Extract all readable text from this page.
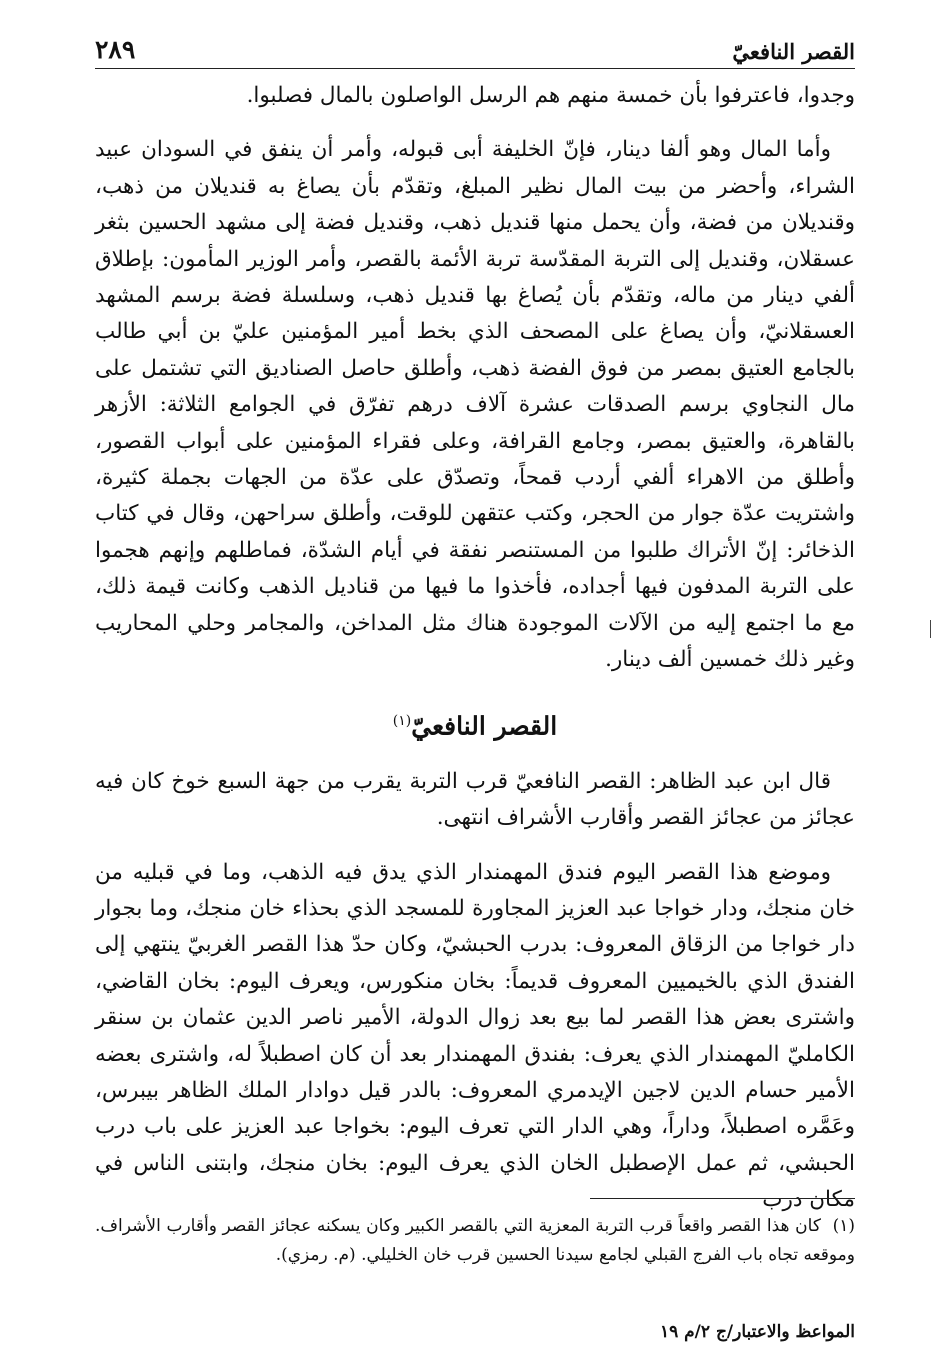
القصر النافعيّ
٢٨٩

وجدوا، فاعترفوا بأن خمسة منهم هم الرسل الواصلون بالمال فصلبوا.

وأما المال وهو ألفا دينار، فإنّ الخليفة أبى قبوله، وأمر أن ينفق في السودان عبيد الشراء، وأحضر من بيت المال نظير المبلغ، وتقدّم بأن يصاغ به قنديلان من ذهب، وقنديلان من فضة، وأن يحمل منها قنديل ذهب، وقنديل فضة إلى مشهد الحسين بثغر عسقلان، وقنديل إلى التربة المقدّسة تربة الأئمة بالقصر، وأمر الوزير المأمون: بإطلاق ألفي دينار من ماله، وتقدّم بأن يُصاغ بها قنديل ذهب، وسلسلة فضة برسم المشهد العسقلانيّ، وأن يصاغ على المصحف الذي بخط أمير المؤمنين عليّ بن أبي طالب بالجامع العتيق بمصر من فوق الفضة ذهب، وأطلق حاصل الصناديق التي تشتمل على مال النجاوي برسم الصدقات عشرة آلاف درهم تفرّق في الجوامع الثلاثة: الأزهر بالقاهرة، والعتيق بمصر، وجامع القرافة، وعلى فقراء المؤمنين على أبواب القصور، وأطلق من الاهراء ألفي أردب قمحاً، وتصدّق على عدّة من الجهات بجملة كثيرة، واشتريت عدّة جوار من الحجر، وكتب عتقهن للوقت، وأطلق سراحهن، وقال في كتاب الذخائر: إنّ الأتراك طلبوا من المستنصر نفقة في أيام الشدّة، فماطلهم وإنهم هجموا على التربة المدفون فيها أجداده، فأخذوا ما فيها من قناديل الذهب وكانت قيمة ذلك، مع ما اجتمع إليه من الآلات الموجودة هناك مثل المداخن، والمجامر وحلي المحاريب وغير ذلك خمسين ألف دينار.

القصر النافعيّ$^{(١)}$

قال ابن عبد الظاهر: القصر النافعيّ قرب التربة يقرب من جهة السبع خوخ كان فيه عجائز من عجائز القصر وأقارب الأشراف انتهى.

وموضع هذا القصر اليوم فندق المهمندار الذي يدق فيه الذهب، وما في قبليه من خان منجك، ودار خواجا عبد العزيز المجاورة للمسجد الذي بحذاء خان منجك، وما بجوار دار خواجا من الزقاق المعروف: بدرب الحبشيّ، وكان حدّ هذا القصر الغربيّ ينتهي إلى الفندق الذي بالخيميين المعروف قديماً: بخان منكورس، ويعرف اليوم: بخان القاضي، واشترى بعض هذا القصر لما بيع بعد زوال الدولة، الأمير ناصر الدين عثمان بن سنقر الكامليّ المهمندار الذي يعرف: بفندق المهمندار بعد أن كان اصطبلاً له، واشترى بعضه الأمير حسام الدين لاجين الإيدمري المعروف: بالدر قيل دوادار الملك الظاهر بيبرس، وعَمَّره اصطبلاً، وداراً، وهي الدار التي تعرف اليوم: بخواجا عبد العزيز على باب درب الحبشي، ثم عمل الإصطبل الخان الذي يعرف اليوم: بخان منجك، وابتنى الناس في مكان درب

(١) كان هذا القصر واقعاً قرب التربة المعزية التي بالقصر الكبير وكان يسكنه عجائز القصر وأقارب الأشراف. وموقعه تجاه باب الفرج القبلي لجامع سيدنا الحسين قرب خان الخليلي. (م. رمزي).
المواعظ والاعتبار/ج ٢/م ١٩
